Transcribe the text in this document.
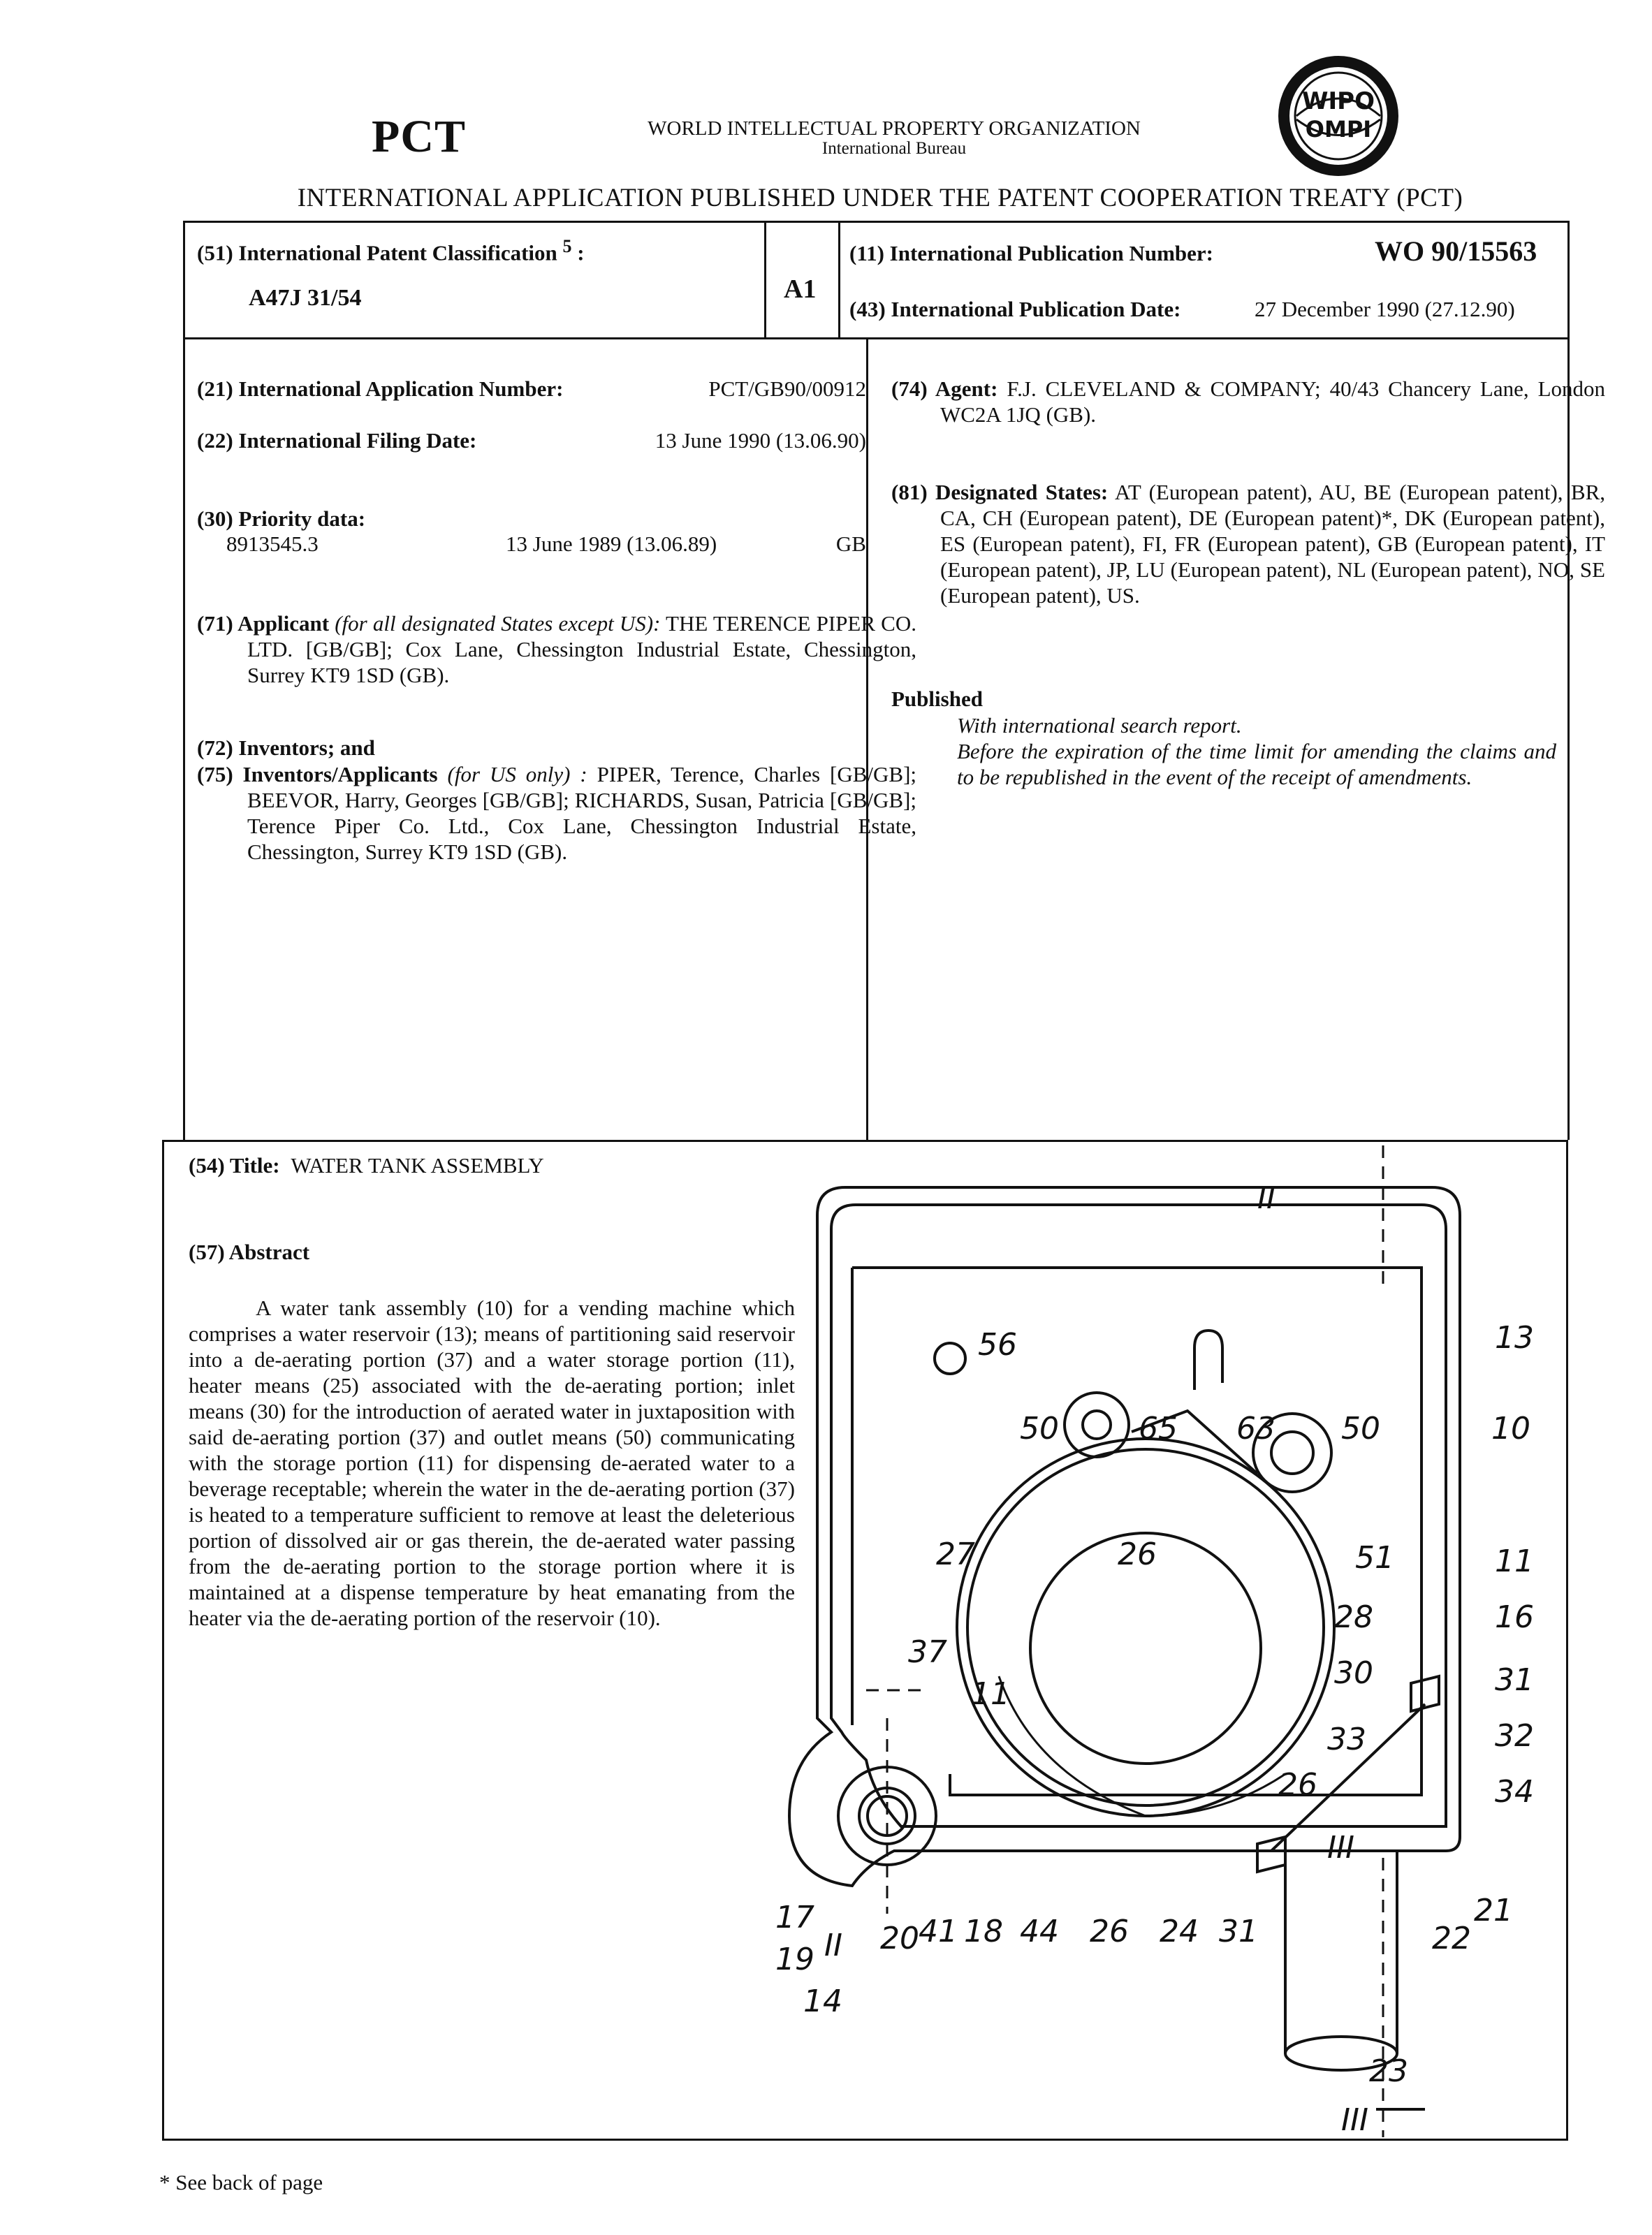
PCT	WORLD INTELLECTUAL PROPERTY ORGANIZATION
International Bureau
WIPO
OMPI
INTERNATIONAL APPLICATION PUBLISHED UNDER THE PATENT COOPERATION TREATY (PCT)
(51) International Patent Classification $^5$ :
A47J 31/54	A1
(11) International Publication Number:	WO 90/15563
(43) International Publication Date:	27 December 1990 (27.12.90)
(21) International Application Number:	PCT/GB90/00912
(22) International Filing Date:	13 June 1990 (13.06.90)
(30) Priority data:
8913545.3	13 June 1989 (13.06.89)	GB
(71) Applicant (for all designated States except US): THE TERENCE PIPER CO. LTD. [GB/GB]; Cox Lane, Chessington Industrial Estate, Chessington, Surrey KT9 1SD (GB).
(72) Inventors; and
(75) Inventors/Applicants (for US only) : PIPER, Terence, Charles [GB/GB]; BEEVOR, Harry, Georges [GB/GB]; RICHARDS, Susan, Patricia [GB/GB]; Terence Piper Co. Ltd., Cox Lane, Chessington Industrial Estate, Chessington, Surrey KT9 1SD (GB).
(74) Agent: F.J. CLEVELAND & COMPANY; 40/43 Chancery Lane, London WC2A 1JQ (GB).
(81) Designated States: AT (European patent), AU, BE (European patent), BR, CA, CH (European patent), DE (European patent)*, DK (European patent), ES (European patent), FI, FR (European patent), GB (European patent), IT (European patent), JP, LU (European patent), NL (European patent), NO, SE (European patent), US.
Published
With international search report.
Before the expiration of the time limit for amending the claims and to be republished in the event of the receipt of amendments.
(54) Title: WATER TANK ASSEMBLY
(57) Abstract
A water tank assembly (10) for a vending machine which comprises a water reservoir (13); means of partitioning said reservoir into a de-aerating portion (37) and a water storage portion (11), heater means (25) associated with the de-aerating portion; inlet means (30) for the introduction of aerated water in juxtaposition with said de-aerating portion (37) and outlet means (50) communicating with the storage portion (11) for dispensing de-aerated water to a beverage receptable; wherein the water in the de-aerating portion (37) is heated to a temperature sufficient to remove at least the deleterious portion of dissolved air or gas therein, the de-aerated water passing from the de-aerating portion to the storage portion where it is maintained at a dispense temperature by heat emanating from the heater via the de-aerating portion of the reservoir (10).
56	13
50	65 63 50	10
27	26	51	11
16
28
37
30	31
11
32
33
26	34
III
II
17
19 II 20 41 18 44 26 24 31
21
22
14
23
III
* See back of page
